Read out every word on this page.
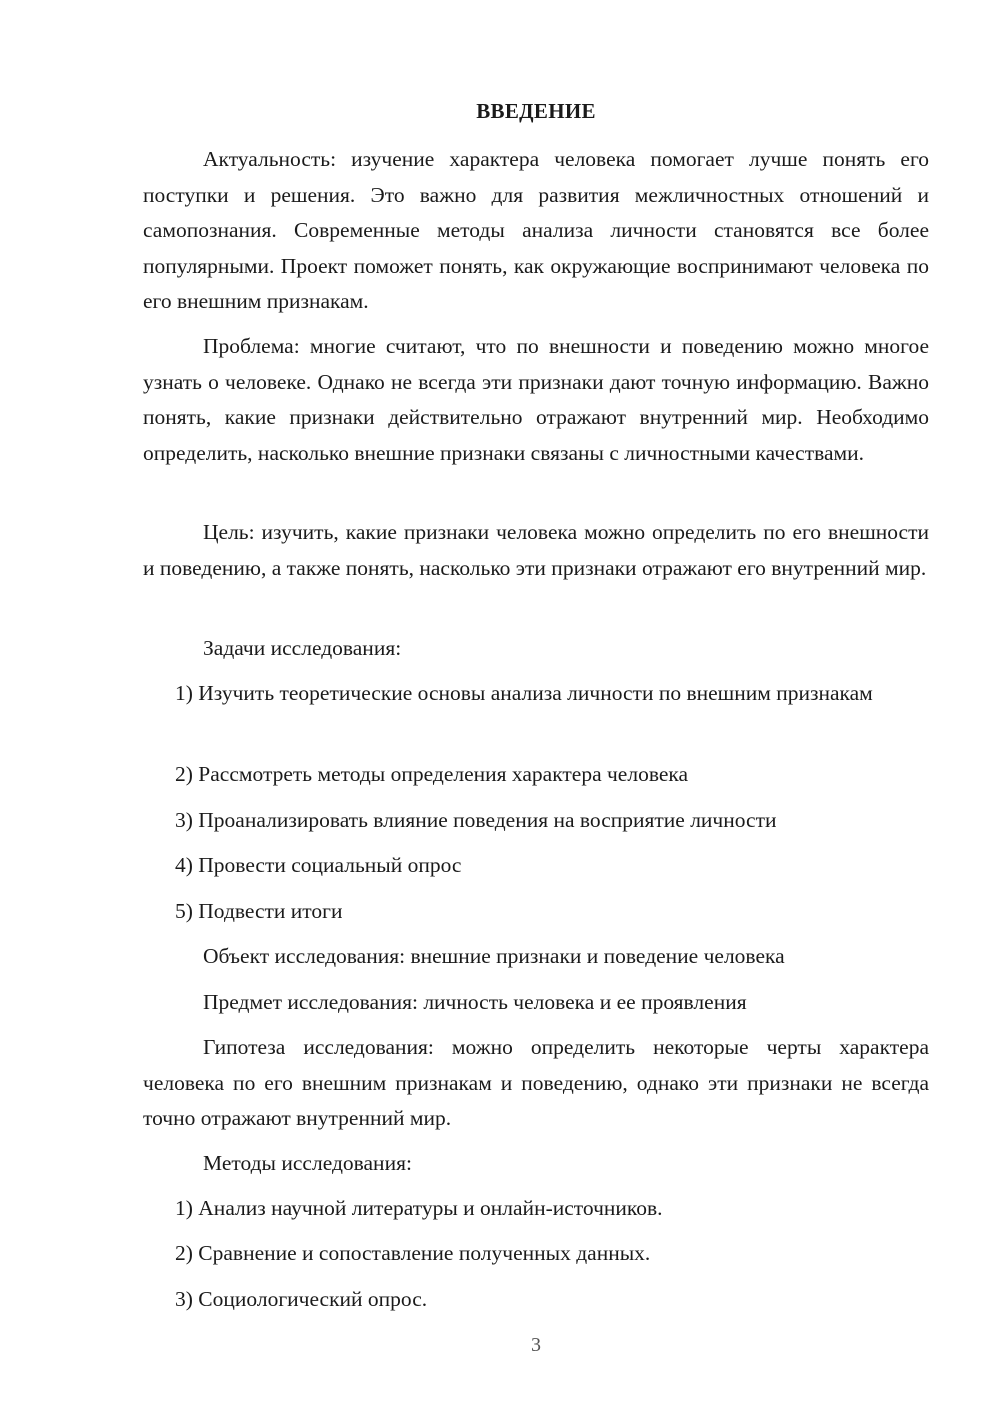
ВВЕДЕНИЕ

Актуальность: изучение характера человека помогает лучше понять его поступки и решения. Это важно для развития межличностных отношений и самопознания. Современные методы анализа личности становятся все более популярными. Проект поможет понять, как окружающие воспринимают человека по его внешним признакам.

Проблема: многие считают, что по внешности и поведению можно многое узнать о человеке. Однако не всегда эти признаки дают точную информацию. Важно понять, какие признаки действительно отражают внутренний мир. Необходимо определить, насколько внешние признаки связаны с личностными качествами.

Цель: изучить, какие признаки человека можно определить по его внешности и поведению, а также понять, насколько эти признаки отражают его внутренний мир.

Задачи исследования:

1) Изучить теоретические основы анализа личности по внешним признакам

2) Рассмотреть методы определения характера человека

3) Проанализировать влияние поведения на восприятие личности

4) Провести социальный опрос

5) Подвести итоги

Объект исследования: внешние признаки и поведение человека

Предмет исследования: личность человека и ее проявления

Гипотеза исследования: можно определить некоторые черты характера человека по его внешним признакам и поведению, однако эти признаки не всегда точно отражают внутренний мир.

Методы исследования:

1) Анализ научной литературы и онлайн-источников.

2) Сравнение и сопоставление полученных данных.

3) Социологический опрос.

3
